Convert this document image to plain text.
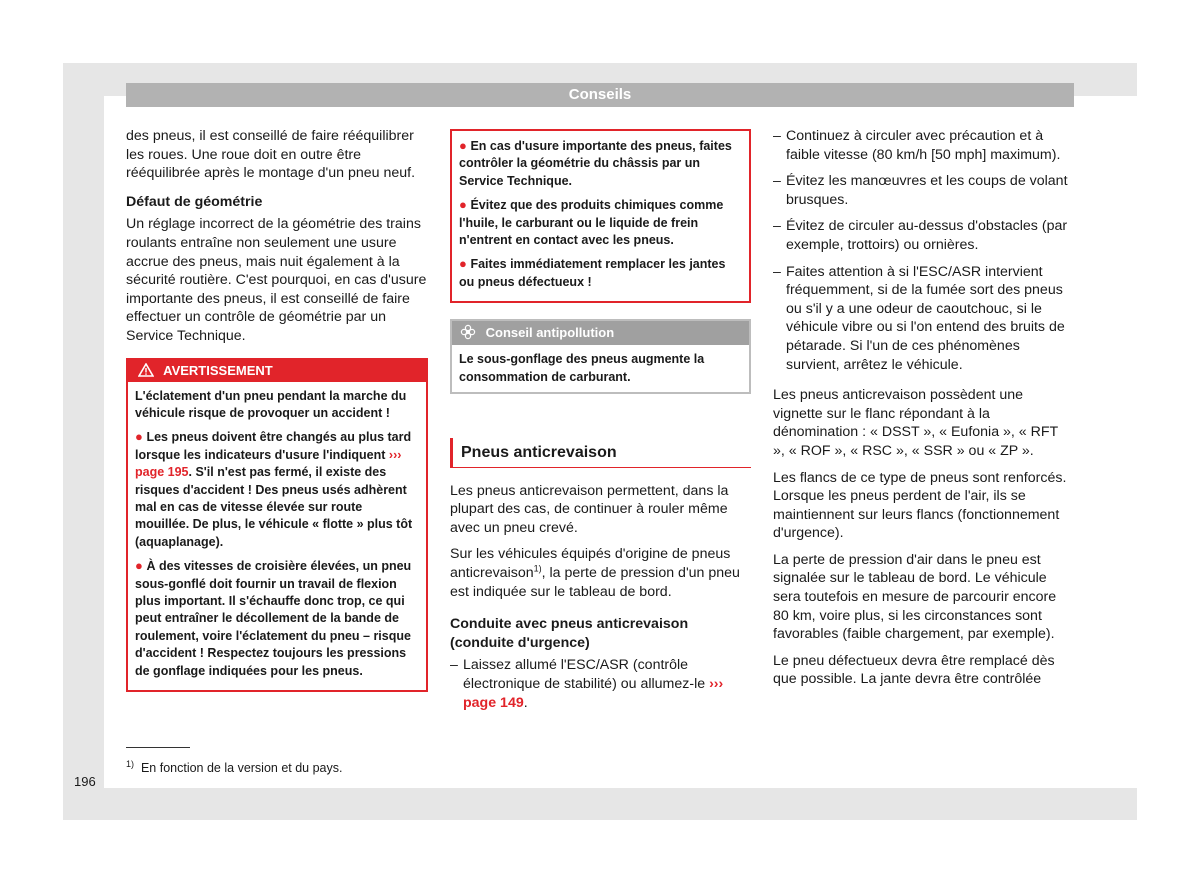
Conseils

des pneus, il est conseillé de faire rééquilibrer les roues. Une roue doit en outre être rééquilibrée après le montage d'un pneu neuf.

Défaut de géométrie

Un réglage incorrect de la géométrie des trains roulants entraîne non seulement une usure accrue des pneus, mais nuit également à la sécurité routière. C'est pourquoi, en cas d'usure importante des pneus, il est conseillé de faire effectuer un contrôle de géométrie par un Service Technique.

AVERTISSEMENT

L'éclatement d'un pneu pendant la marche du véhicule risque de provoquer un accident !

● Les pneus doivent être changés au plus tard lorsque les indicateurs d'usure l'indiquent ››› page 195. S'il n'est pas fermé, il existe des risques d'accident ! Des pneus usés adhèrent mal en cas de vitesse élevée sur route mouillée. De plus, le véhicule « flotte » plus tôt (aquaplanage).

● À des vitesses de croisière élevées, un pneu sous-gonflé doit fournir un travail de flexion plus important. Il s'échauffe donc trop, ce qui peut entraîner le décollement de la bande de roulement, voire l'éclatement du pneu – risque d'accident ! Respectez toujours les pressions de gonflage indiquées pour les pneus.

● En cas d'usure importante des pneus, faites contrôler la géométrie du châssis par un Service Technique.

● Évitez que des produits chimiques comme l'huile, le carburant ou le liquide de frein n'entrent en contact avec les pneus.

● Faites immédiatement remplacer les jantes ou pneus défectueux !

Conseil antipollution
Le sous-gonflage des pneus augmente la consommation de carburant.
Pneus anticrevaison

Les pneus anticrevaison permettent, dans la plupart des cas, de continuer à rouler même avec un pneu crevé.

Sur les véhicules équipés d'origine de pneus anticrevaison$^{1)}$, la perte de pression d'un pneu est indiquée sur le tableau de bord.

Conduite avec pneus anticrevaison (conduite d'urgence)

– Laissez allumé l'ESC/ASR (contrôle électronique de stabilité) ou allumez-le ››› page 149.
– Continuez à circuler avec précaution et à faible vitesse (80 km/h [50 mph] maximum).
– Évitez les manœuvres et les coups de volant brusques.
– Évitez de circuler au-dessus d'obstacles (par exemple, trottoirs) ou ornières.
– Faites attention à si l'ESC/ASR intervient fréquemment, si de la fumée sort des pneus ou s'il y a une odeur de caoutchouc, si le véhicule vibre ou si l'on entend des bruits de pétarade. Si l'un de ces phénomènes survient, arrêtez le véhicule.

Les pneus anticrevaison possèdent une vignette sur le flanc répondant à la dénomination : « DSST », « Eufonia », « RFT », « ROF », « RSC », « SSR » ou « ZP ».

Les flancs de ce type de pneus sont renforcés. Lorsque les pneus perdent de l'air, ils se maintiennent sur leurs flancs (fonctionnement d'urgence).

La perte de pression d'air dans le pneu est signalée sur le tableau de bord. Le véhicule sera toutefois en mesure de parcourir encore 80 km, voire plus, si les circonstances sont favorables (faible chargement, par exemple).

Le pneu défectueux devra être remplacé dès que possible. La jante devra être contrôlée

$^{1)}$ En fonction de la version et du pays.
196
